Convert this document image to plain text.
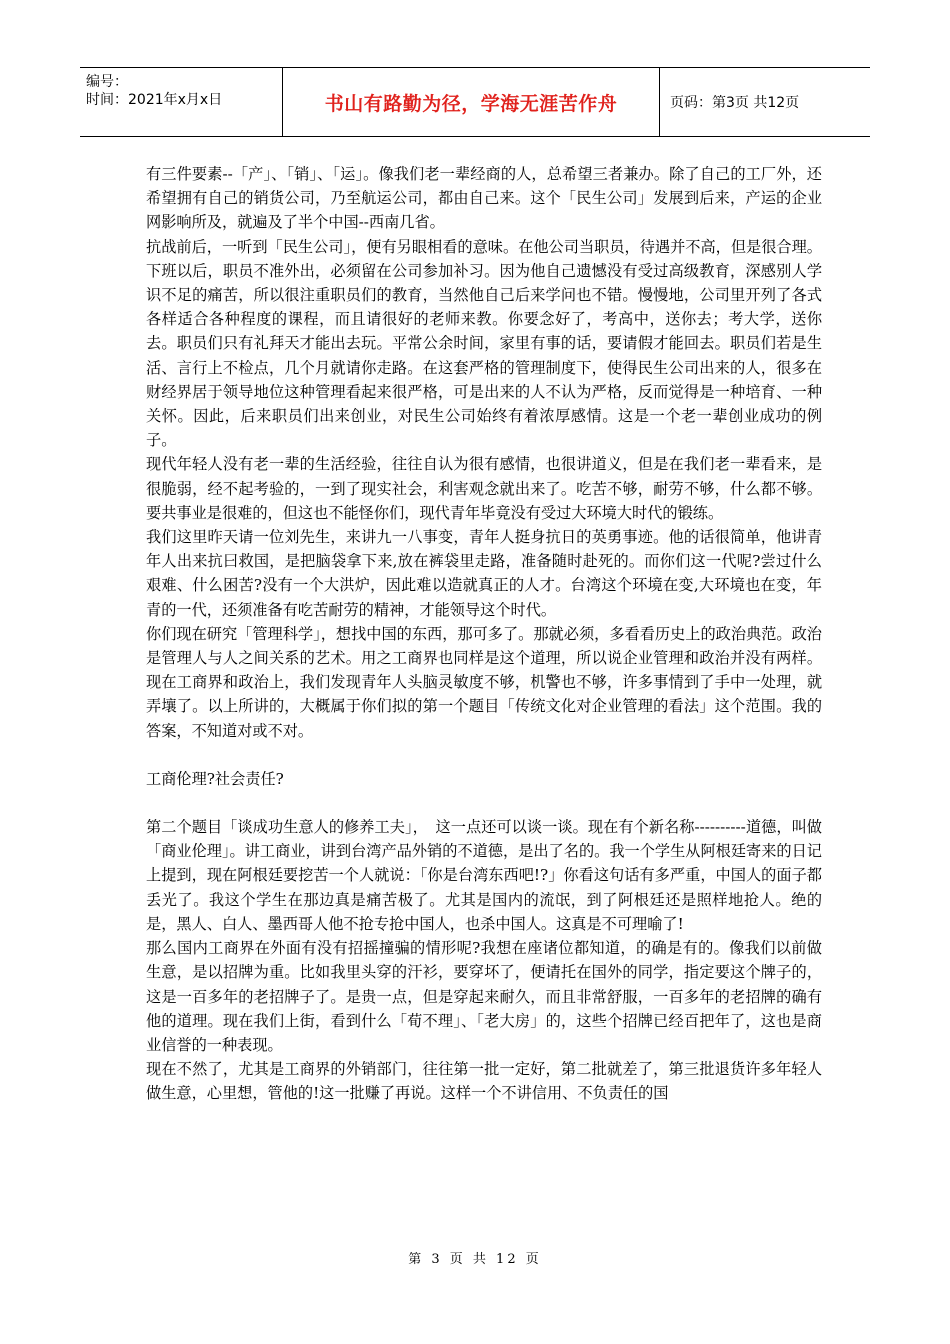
编号：
时间：2021年x月x日	书山有路勤为径，学海无涯苦作舟	页码：第3页 共12页

有三件要素--「产」、「销」、「运」。像我们老一辈经商的人，总希望三者兼办。除了自己的工厂外，还希望拥有自己的销货公司，乃至航运公司，都由自己来。这个「民生公司」发展到后来，产运的企业网影响所及，就遍及了半个中国--西南几省。

抗战前后，一听到「民生公司」，便有另眼相看的意味。在他公司当职员，待遇并不高，但是很合理。下班以后，职员不准外出，必须留在公司参加补习。因为他自己遗憾没有受过高级教育，深感别人学识不足的痛苦，所以很注重职员们的教育，当然他自己后来学问也不错。慢慢地，公司里开列了各式各样适合各种程度的课程，而且请很好的老师来教。你要念好了，考高中，送你去；考大学，送你去。职员们只有礼拜天才能出去玩。平常公余时间，家里有事的话，要请假才能回去。职员们若是生活、言行上不检点，几个月就请你走路。在这套严格的管理制度下，使得民生公司出来的人，很多在财经界居于领导地位这种管理看起来很严格，可是出来的人不认为严格，反而觉得是一种培育、一种关怀。因此，后来职员们出来创业，对民生公司始终有着浓厚感情。这是一个老一辈创业成功的例子。

现代年轻人没有老一辈的生活经验，往往自认为很有感情，也很讲道义，但是在我们老一辈看来，是很脆弱，经不起考验的，一到了现实社会，利害观念就出来了。吃苦不够，耐劳不够，什么都不够。要共事业是很难的，但这也不能怪你们，现代青年毕竟没有受过大环境大时代的锻练。

我们这里昨天请一位刘先生，来讲九一八事变，青年人挺身抗日的英勇事迹。他的话很简单，他讲青年人出来抗曰救国，是把脑袋拿下来,放在裤袋里走路，准备随时赴死的。而你们这一代呢?尝过什么艰难、什么困苦?没有一个大洪炉，因此难以造就真正的人才。台湾这个环境在变,大环境也在变，年青的一代，还须准备有吃苦耐劳的精神，才能领导这个时代。

你们现在研究「管理科学」，想找中国的东西，那可多了。那就必须，多看看历史上的政治典范。政治是管理人与人之间关系的艺术。用之工商界也同样是这个道理，所以说企业管理和政治并没有两样。现在工商界和政治上，我们发现青年人头脑灵敏度不够，机警也不够，许多事情到了手中一处理，就弄壤了。以上所讲的，大概属于你们拟的第一个题目「传统文化对企业管理的看法」这个范围。我的答案，不知道对或不对。

工商伦理?社会责任?

第二个题目「谈成功生意人的修养工夫」，　这一点还可以谈一谈。现在有个新名称----------道德，叫做「商业伦理」。讲工商业，讲到台湾产品外销的不道德，是出了名的。我一个学生从阿根廷寄来的日记上提到，现在阿根廷要挖苦一个人就说：「你是台湾东西吧!?」你看这句话有多严重，中国人的面子都丢光了。我这个学生在那边真是痛苦极了。尤其是国内的流氓，到了阿根廷还是照样地抢人。绝的是，黑人、白人、墨西哥人他不抢专抢中国人，也杀中国人。这真是不可理喻了!

那么国内工商界在外面有没有招摇撞骗的情形呢?我想在座诸位都知道，的确是有的。像我们以前做生意，是以招牌为重。比如我里头穿的汗衫，要穿坏了，便请托在国外的同学，指定要这个牌子的，这是一百多年的老招牌子了。是贵一点，但是穿起来耐久，而且非常舒服，一百多年的老招牌的确有他的道理。现在我们上街，看到什么「荀不理」、「老大房」的，这些个招牌已经百把年了，这也是商业信誉的一种表现。

现在不然了，尤其是工商界的外销部门，往往第一批一定好，第二批就差了，第三批退货许多年轻人做生意，心里想，管他的!这一批赚了再说。这样一个不讲信用、不负责任的国

第 3 页 共 12 页
